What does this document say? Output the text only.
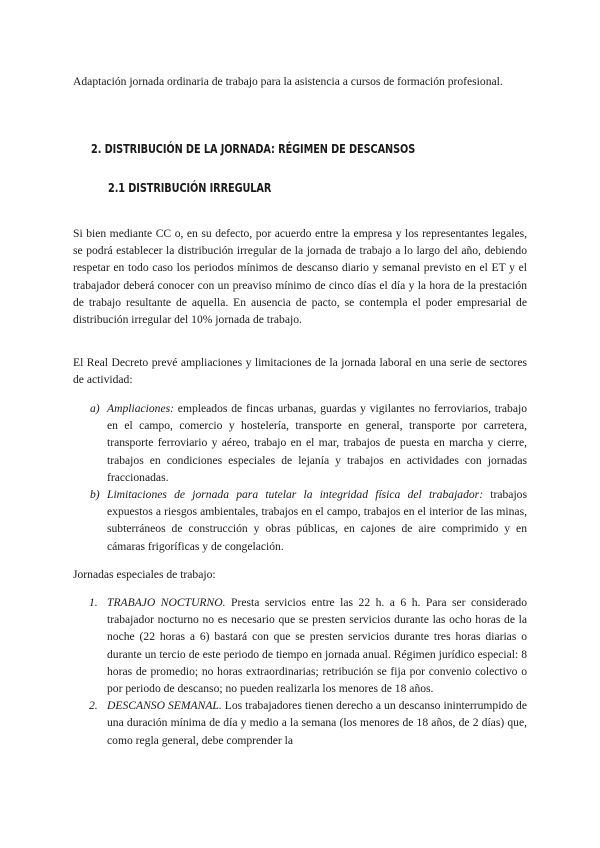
Adaptación jornada ordinaria de trabajo para la asistencia a cursos de formación profesional.

2. DISTRIBUCIÓN DE LA JORNADA: RÉGIMEN DE DESCANSOS
2.1 DISTRIBUCIÓN IRREGULAR

Si bien mediante CC o, en su defecto, por acuerdo entre la empresa y los representantes legales, se podrá establecer la distribución irregular de la jornada de trabajo a lo largo del año, debiendo respetar en todo caso los periodos mínimos de descanso diario y semanal previsto en el ET y el trabajador deberá conocer con un preaviso mínimo de cinco días el día y la hora de la prestación de trabajo resultante de aquella. En ausencia de pacto, se contempla el poder empresarial de distribución irregular del 10% jornada de trabajo.

El Real Decreto prevé ampliaciones y limitaciones de la jornada laboral en una serie de sectores de actividad:

a) Ampliaciones: empleados de fincas urbanas, guardas y vigilantes no ferroviarios, trabajo en el campo, comercio y hostelería, transporte en general, transporte por carretera, transporte ferroviario y aéreo, trabajo en el mar, trabajos de puesta en marcha y cierre, trabajos en condiciones especiales de lejanía y trabajos en actividades con jornadas fraccionadas.
b) Limitaciones de jornada para tutelar la integridad física del trabajador: trabajos expuestos a riesgos ambientales, trabajos en el campo, trabajos en el interior de las minas, subterráneos de construcción y obras públicas, en cajones de aire comprimido y en cámaras frigoríficas y de congelación.

Jornadas especiales de trabajo:

1. TRABAJO NOCTURNO. Presta servicios entre las 22 h. a 6 h. Para ser considerado trabajador nocturno no es necesario que se presten servicios durante las ocho horas de la noche (22 horas a 6) bastará con que se presten servicios durante tres horas diarias o durante un tercio de este periodo de tiempo en jornada anual. Régimen jurídico especial: 8 horas de promedio; no horas extraordinarias; retribución se fija por convenio colectivo o por periodo de descanso; no pueden realizarla los menores de 18 años.
2. DESCANSO SEMANAL. Los trabajadores tienen derecho a un descanso ininterrumpido de una duración mínima de día y medio a la semana (los menores de 18 años, de 2 días) que, como regla general, debe comprender la
